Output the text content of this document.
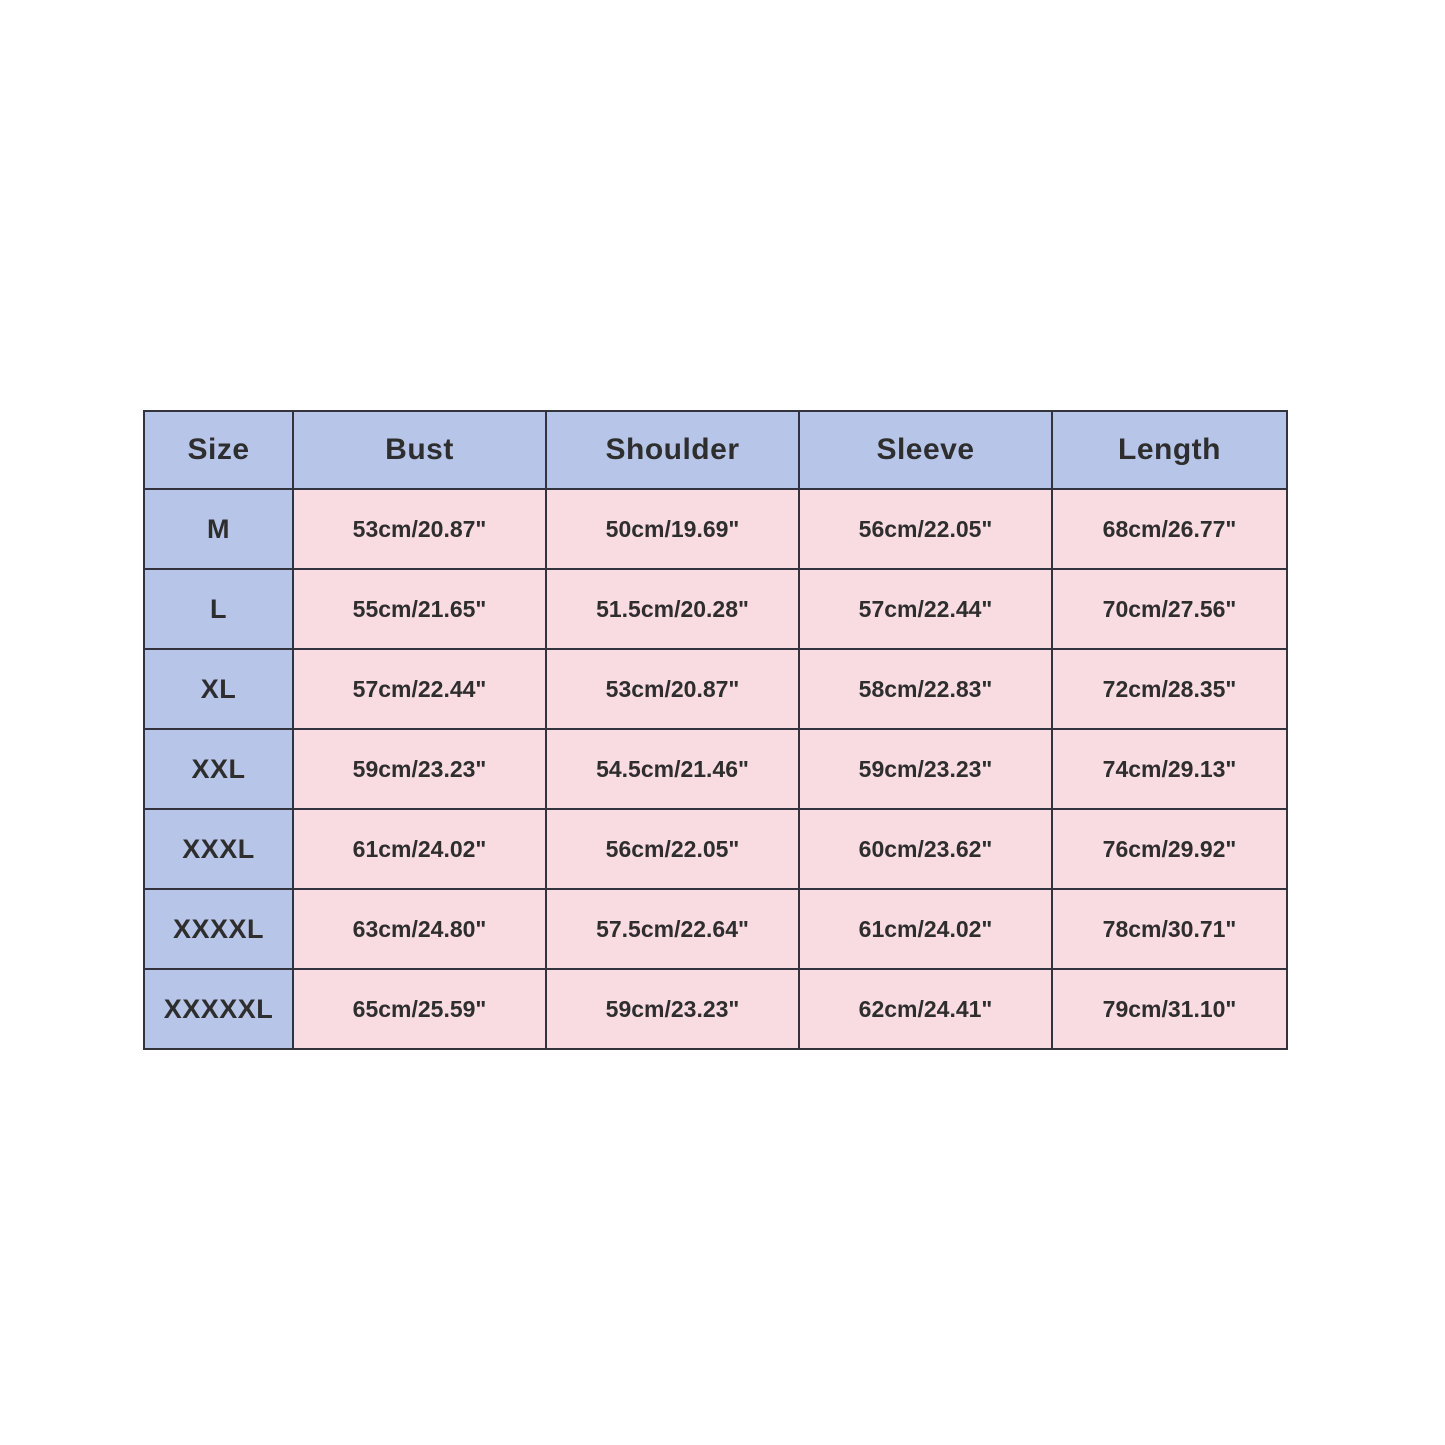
Size	Bust	Shoulder	Sleeve	Length
M	53cm/20.87"	50cm/19.69"	56cm/22.05"	68cm/26.77"
L	55cm/21.65"	51.5cm/20.28"	57cm/22.44"	70cm/27.56"
XL	57cm/22.44"	53cm/20.87"	58cm/22.83"	72cm/28.35"
XXL	59cm/23.23"	54.5cm/21.46"	59cm/23.23"	74cm/29.13"
XXXL	61cm/24.02"	56cm/22.05"	60cm/23.62"	76cm/29.92"
XXXXL	63cm/24.80"	57.5cm/22.64"	61cm/24.02"	78cm/30.71"
XXXXXL	65cm/25.59"	59cm/23.23"	62cm/24.41"	79cm/31.10"
